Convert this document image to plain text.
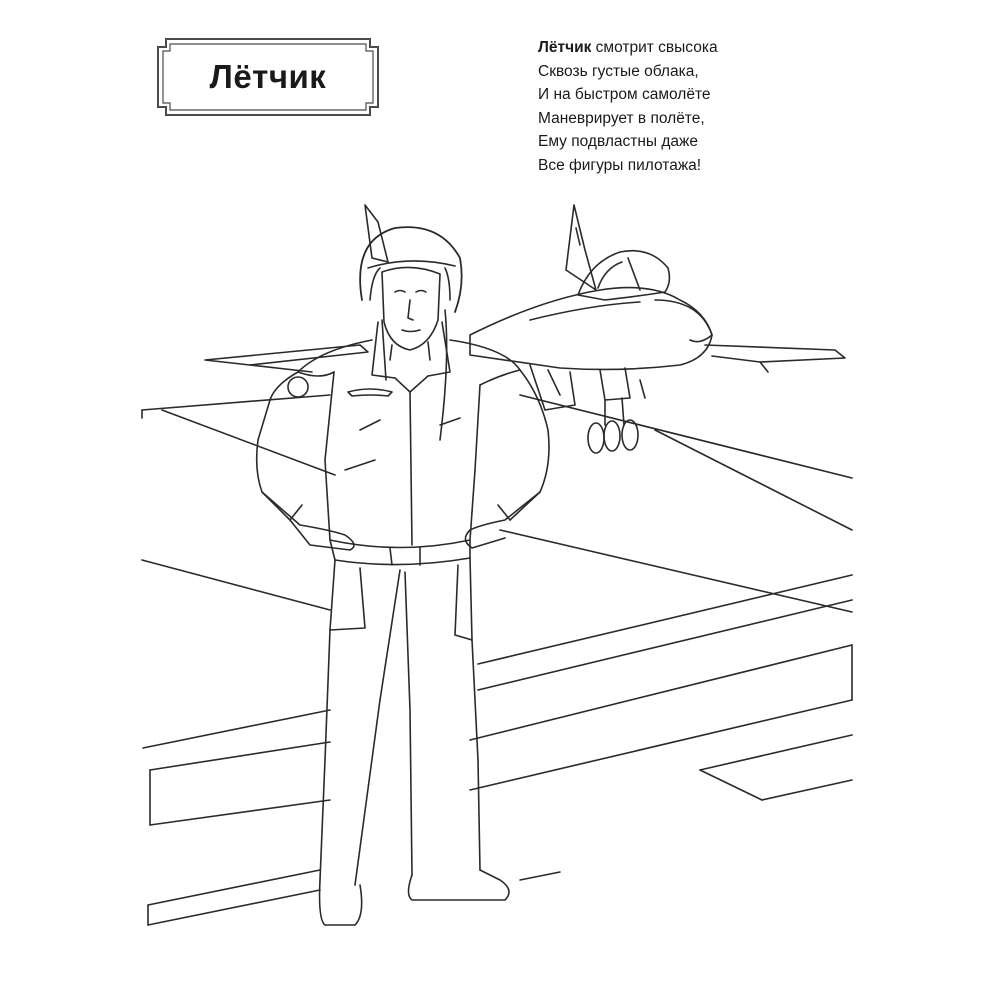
Лётчик
Лётчик смотрит свысока
Сквозь густые облака,
И на быстром самолёте
Маневрирует в полёте,
Ему подвластны даже
Все фигуры пилотажа!
